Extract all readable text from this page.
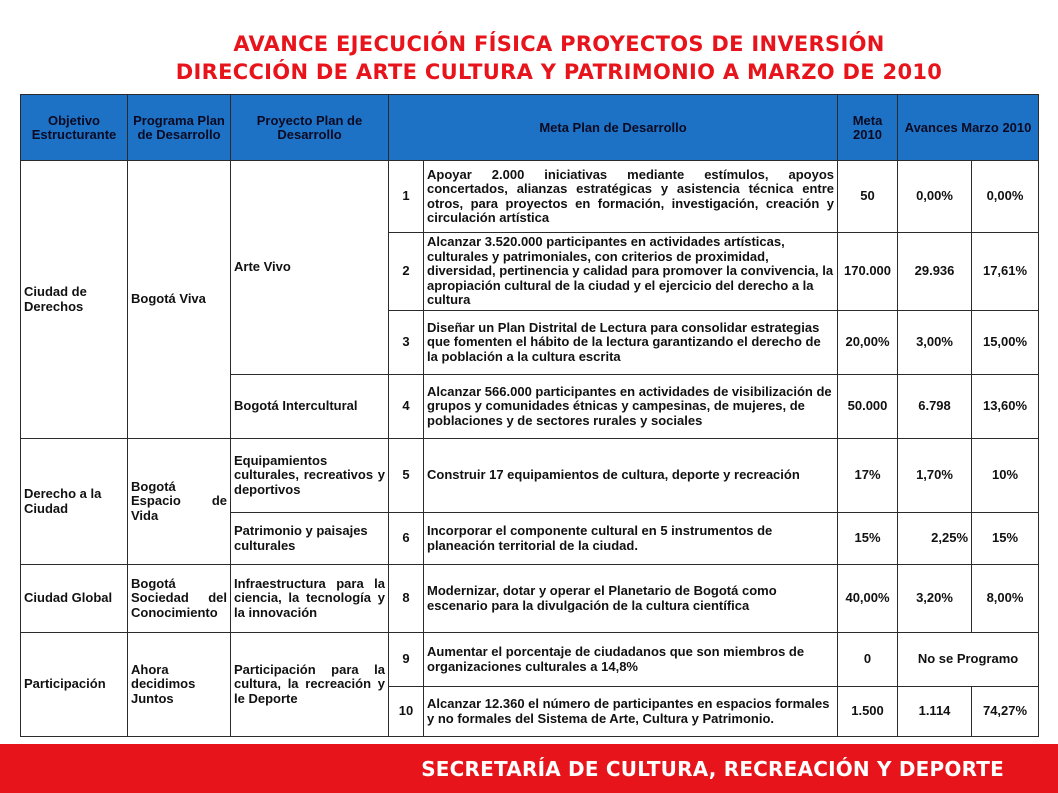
AVANCE EJECUCIÓN FÍSICA PROYECTOS DE INVERSIÓN
DIRECCIÓN DE ARTE CULTURA Y PATRIMONIO A MARZO DE 2010
Objetivo Estructurante	Programa Plan de Desarrollo	Proyecto Plan de Desarrollo	Meta Plan de Desarrollo		Meta 2010	Avances Marzo 2010	
Ciudad de Derechos	Bogotá Viva	Arte Vivo	1	Apoyar 2.000 iniciativas mediante estímulos, apoyos concertados, alianzas estratégicas y asistencia técnica entre otros, para proyectos en formación, investigación, creación y circulación artística	50	0,00%	0,00%
			2	Alcanzar 3.520.000 participantes en actividades artísticas, culturales y patrimoniales, con criterios de proximidad, diversidad, pertinencia y calidad para promover la convivencia, la apropiación cultural de la ciudad y el ejercicio del derecho a la cultura	170.000	29.936	17,61%
			3	Diseñar un Plan Distrital de Lectura para consolidar estrategias que fomenten el hábito de la lectura garantizando el derecho de la población a la cultura escrita	20,00%	3,00%	15,00%
		Bogotá Intercultural	4	Alcanzar 566.000 participantes en actividades de visibilización de grupos y comunidades étnicas y campesinas, de mujeres, de poblaciones y de sectores rurales y sociales	50.000	6.798	13,60%
Derecho a la Ciudad	Bogotá Espacio de Vida	Equipamientos culturales, recreativos y deportivos	5	Construir 17 equipamientos de cultura, deporte y recreación	17%	1,70%	10%
		Patrimonio y paisajes culturales	6	Incorporar el componente cultural en 5 instrumentos de planeación territorial de la ciudad.	15%	2,25%	15%
Ciudad Global	Bogotá Sociedad del Conocimiento	Infraestructura para la ciencia, la tecnología y la innovación	8	Modernizar, dotar y operar el Planetario de Bogotá como escenario para la divulgación de la cultura científica	40,00%	3,20%	8,00%
Participación	Ahora decidimos Juntos	Participación para la cultura, la recreación y le Deporte	9	Aumentar el porcentaje de ciudadanos que son miembros de organizaciones culturales a 14,8%	0	No se Programo	
			10	Alcanzar 12.360 el número de participantes en espacios formales y no formales del Sistema de Arte, Cultura y Patrimonio.	1.500	1.114	74,27%
SECRETARÍA DE CULTURA, RECREACIÓN Y DEPORTE
